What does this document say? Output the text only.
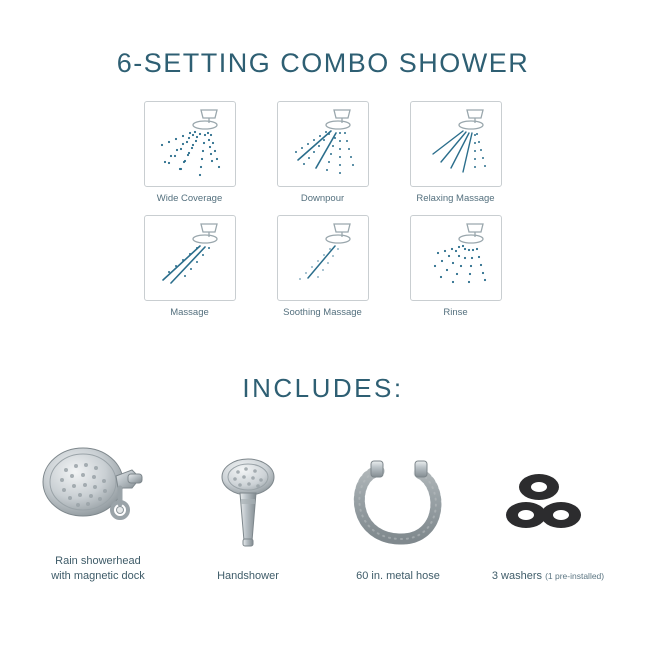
6-SETTING COMBO SHOWER
Wide Coverage	Downpour	Relaxing Massage
Massage	Soothing Massage	Rinse
INCLUDES:
Rain showerhead
with magnetic dock	Handshower	60 in. metal hose	3 washers (1 pre-installed)
